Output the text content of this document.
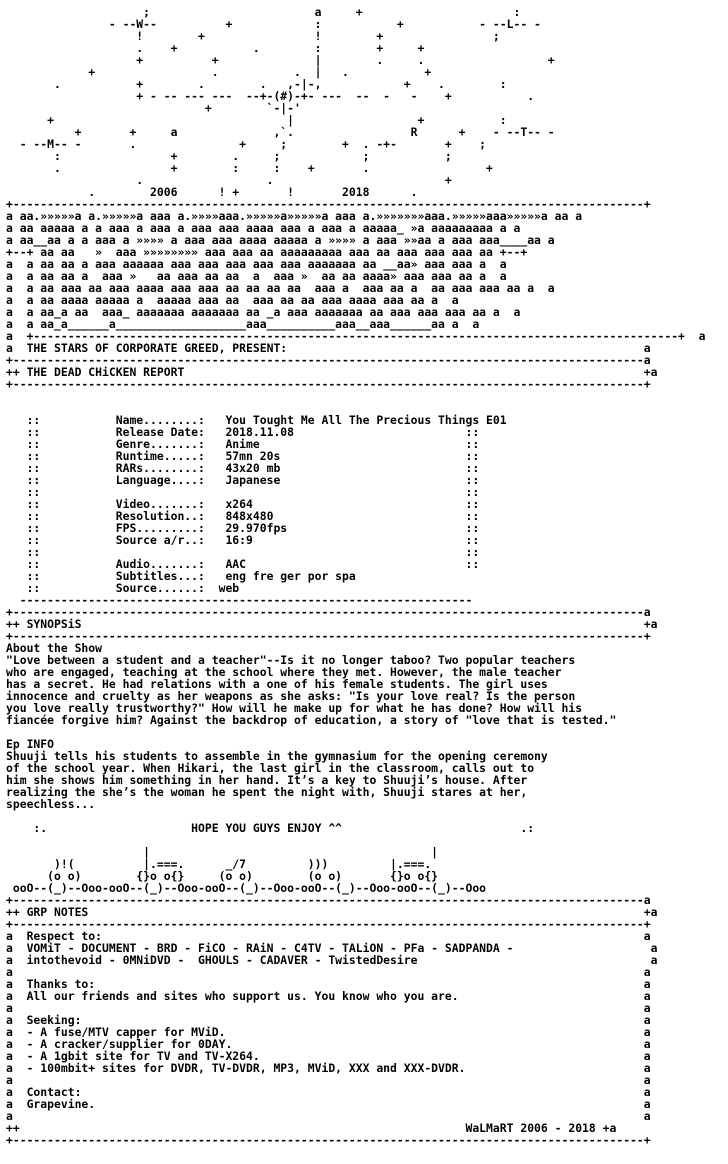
;                        a     +                      :
- --W--          +            :           +           - --L-- -
!        +                !        +                ;
.    +           .        :        +     +
+          +              |        .     .                  +
+                 .           .  |   .           +
.           +        .        .   ,-|-,            +    .        :
+ - -- --- ---  --+-(#)-+- ---  --  -   -    +           .
+        `-|-'
+                                  |                  +           :
+       +     a              ,`.                 R      +    - --T-- -
- --M-- -       .               +     ;        +  . -+-       +    ;
:                +        .     ;            ;           ;
.                +        :     :    +       .                 +
.                  .                         +
.        2006      ! +       !       2018      .
+--------------------------------------------------------------------------------------------+
a aa.»»»»»a a.»»»»»a aaa a.»»»»aaa.»»»»»a»»»»»a aaa a.»»»»»»»aaa.»»»»»aaa»»»»»a aa a
a aa aaaaa a a aaa a aaa a aaa aaa aaaa aaa a aaa a aaaaa_ »a aaaaaaaaa a a
a aa__aa a a aaa a »»»» a aaa aaa aaaa aaaaa a »»»» a aaa »»aa a aaa aaa____aa a
+--+ aa aa   »  aaa »»»»»»»» aaa aaa aa aaaaaaaaa aaa aa aaa aaa aaa aa +--+
a  a aa aa a aaa aaaaaa aaa aaa aaa aaa aaa aaaaaaa aa __aa» aaa aaa a  a
a  a aa aa a  aaa »   aa aaa aa aa  a  aaa »  aa aa aaaa» aaa aaa aa a  a
a  a aa aaa aa aaa aaaa aaa aaa aa aa aa aa  aaa a  aaa aa a  aa aaa aaa aa a  a
a  a aa aaaa aaaaa a  aaaaa aaa aa  aaa aa aa aaa aaaa aaa aa a  a
a  a aa_a aa  aaa_ aaaaaaa aaaaaaa aa _a aaa aaaaaaa aa aaa aaa aaa aa a  a
a  a aa_a______a___________________aaa__________aaa__aaa______aa a  a
a  +----------------------------------------------------------------------------------------------+  a
a  THE STARS OF CORPORATE GREED, PRESENT:                                                    a
+--------------------------------------------------------------------------------------------a
++ THE DEAD CHiCKEN REPORT                                                                   +a
+--------------------------------------------------------------------------------------------+
::           Name........:   You Tought Me All The Precious Things E01
::           Release Date:   2018.11.08                         ::
::           Genre.......:   Anime                              ::
::           Runtime.....:   57mn 20s                           ::
::           RARs........:   43x20 mb                           ::
::           Language....:   Japanese                           ::
::                                                              ::
::           Video.......:   x264                               ::
::           Resolution..:   848x480                            ::
::           FPS.........:   29.970fps                          ::
::           Source a/r..:   16:9                               ::
::                                                              ::
::           Audio.......:   AAC                                ::
::           Subtitles...:   eng fre ger por spa
::           Source......:  web
------------------------------------------------------------------
+--------------------------------------------------------------------------------------------a
++ SYNOPSiS                                                                                  +a
+--------------------------------------------------------------------------------------------+
About the Show
"Love between a student and a teacher"--Is it no longer taboo? Two popular teachers
who are engaged, teaching at the school where they met. However, the male teacher
has a secret. He had relations with a one of his female students. The girl uses
innocence and cruelty as her weapons as she asks: "Is your love real? Is the person
you love really trustworthy?" How will he make up for what he has done? How will his
fiancée forgive him? Against the backdrop of education, a story of "love that is tested."
Ep INFO
Shuuji tells his students to assemble in the gymnasium for the opening ceremony
of the school year. When Hikari, the last girl in the classroom, calls out to
him she shows him something in her hand. It’s a key to Shuuji’s house. After
realizing the she’s the woman he spent the night with, Shuuji stares at her,
speechless...
:.                     HOPE YOU GUYS ENJOY ^^                          .:
|                                         |
)!(          |.===.      _/7         )))         |.===.
(o o)        {}o o{}     (o o)        (o o)       {}o o{}
ooO--(_)--Ooo-ooO--(_)--Ooo-ooO--(_)--Ooo-ooO--(_)--Ooo-ooO--(_)--Ooo
+--------------------------------------------------------------------------------------------a
++ GRP NOTES                                                                                 +a
+--------------------------------------------------------------------------------------------+
a  Respect to:                                                                               a
a  VOMiT - DOCUMENT - BRD - FiCO - RAiN - C4TV - TALiON - PFa - SADPANDA -                    a
a  intothevoid - 0MNiDVD -  GHOULS - CADAVER - TwistedDesire                                  a
a                                                                                            a
a  Thanks to:                                                                                a
a  All our friends and sites who support us. You know who you are.                           a
a                                                                                            a
a  Seeking:                                                                                  a
a  - A fuse/MTV capper for MViD.                                                             a
a  - A cracker/supplier for 0DAY.                                                            a
a  - A 1gbit site for TV and TV-X264.                                                        a
a  - 100mbit+ sites for DVDR, TV-DVDR, MP3, MViD, XXX and XXX-DVDR.                          a
a                                                                                            a
a  Contact:                                                                                  a
a  Grapevine.                                                                                a
a                                                                                            a
++                                                                 WaLMaRT 2006 - 2018 +a
+--------------------------------------------------------------------------------------------+
